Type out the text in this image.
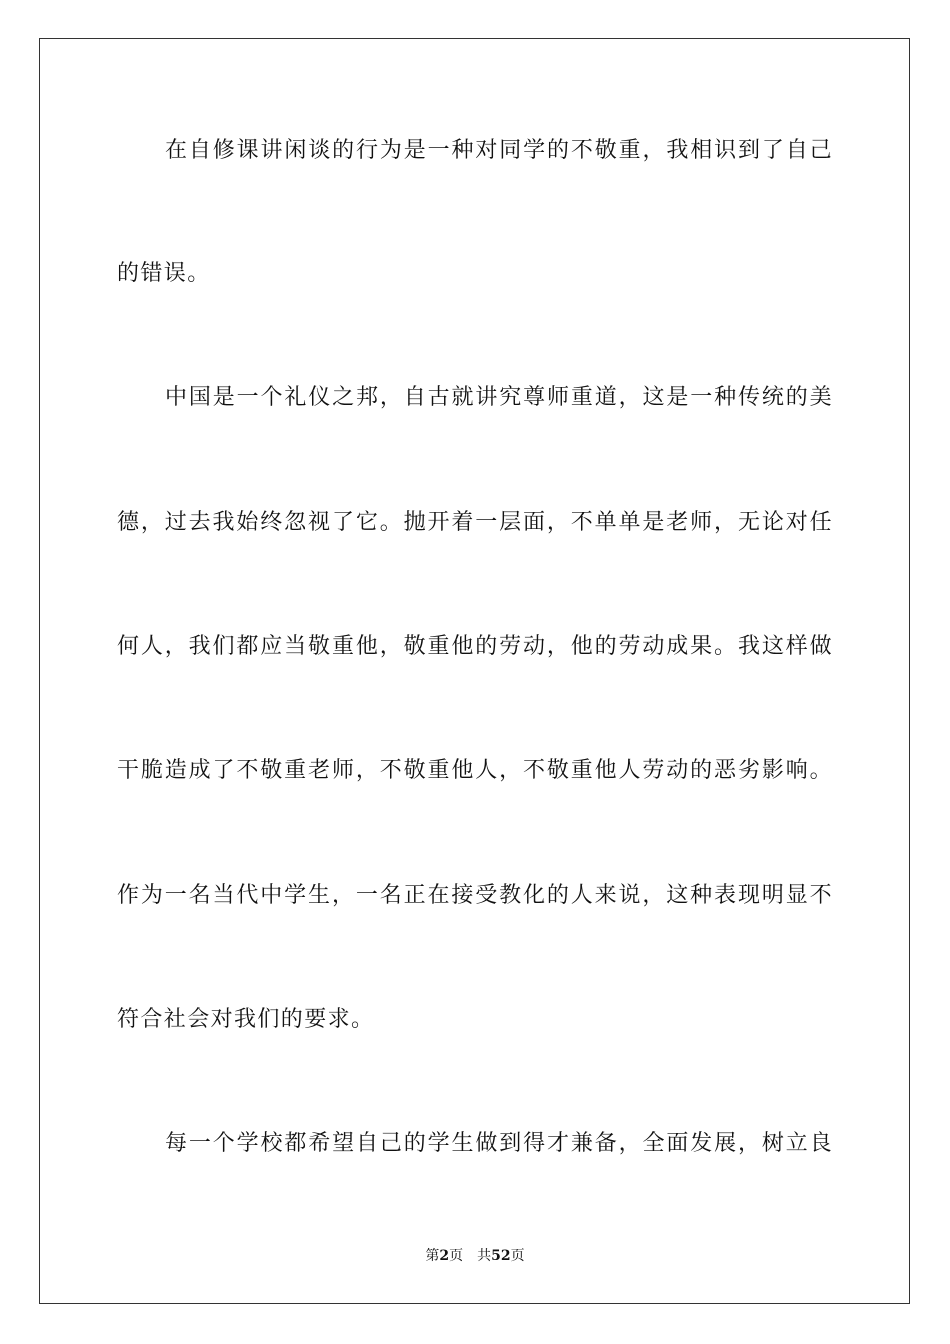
在自修课讲闲谈的行为是一种对同学的不敬重，我相识到了自己
的错误。
中国是一个礼仪之邦，自古就讲究尊师重道，这是一种传统的美
德，过去我始终忽视了它。抛开着一层面，不单单是老师，无论对任
何人，我们都应当敬重他，敬重他的劳动，他的劳动成果。我这样做
干脆造成了不敬重老师，不敬重他人，不敬重他人劳动的恶劣影响。
作为一名当代中学生，一名正在接受教化的人来说，这种表现明显不
符合社会对我们的要求。
每一个学校都希望自己的学生做到得才兼备，全面发展，树立良
第2页 共52页
